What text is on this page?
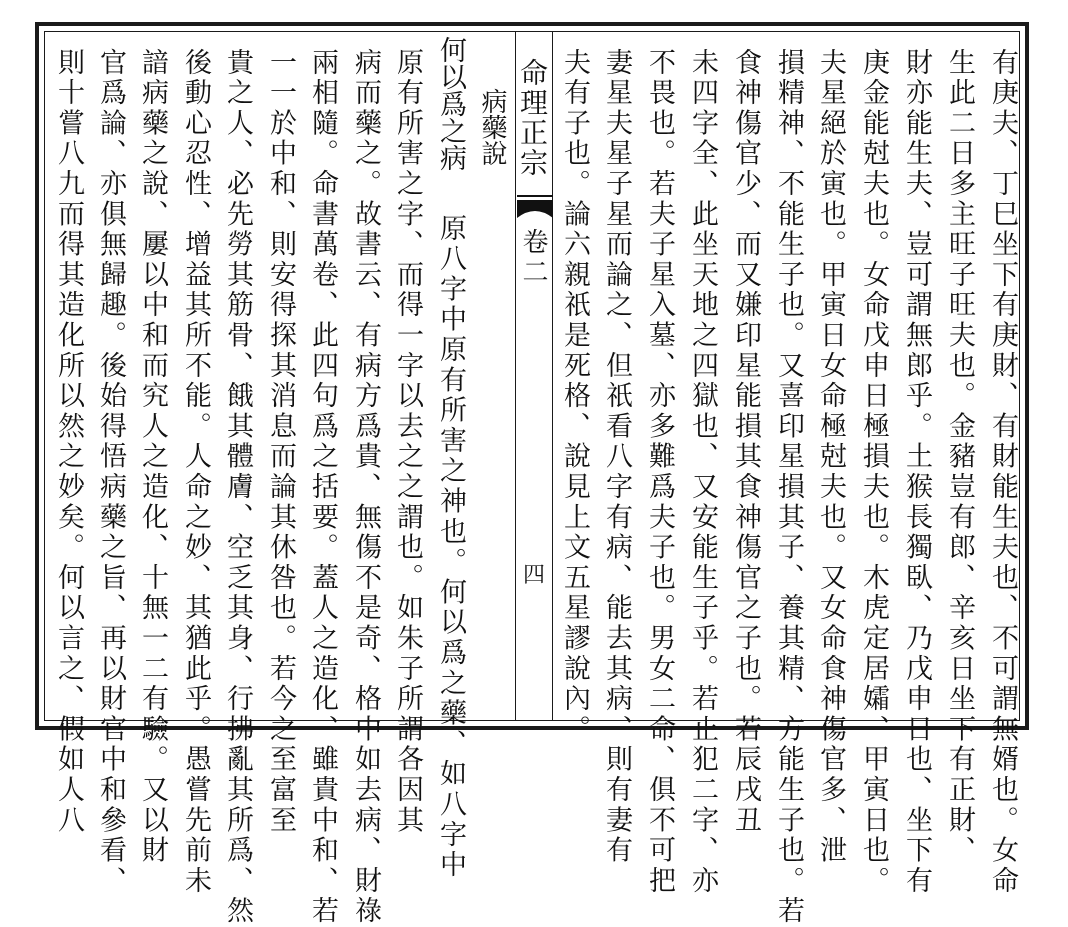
命理正宗
卷二
四	有庚夫、丁巳坐下有庚財、有財能生夫也、不可謂無婿也。女命
生此二日多主旺子旺夫也。金豬豈有郎、辛亥日坐下有正財、
財亦能生夫、豈可謂無郎乎。土猴長獨臥、乃戊申日也、坐下有
庚金能尅夫也。女命戊申日極損夫也。木虎定居孀、甲寅日也。
夫星絕於寅也。甲寅日女命極尅夫也。又女命食神傷官多、泄
損精神、不能生子也。又喜印星損其子、養其精、方能生子也。若
食神傷官少、而又嫌印星能損其食神傷官之子也。若辰戌丑
未四字全、此坐天地之四獄也、又安能生子乎。若止犯二字、亦
不畏也。若夫子星入墓、亦多難爲夫子也。男女二命、俱不可把
妻星夫星子星而論之、但祇看八字有病、能去其病、則有妻有
夫有子也。論六親祇是死格、說見上文五星謬說內。
病藥說
何以爲之病
原八字中原有所害之神也。何以爲之藥、如八字中
原有所害之字、而得一字以去之之謂也。如朱子所謂各因其
病而藥之。故書云、有病方爲貴、無傷不是奇、格中如去病、財祿
兩相隨。命書萬卷、此四句爲之括要。蓋人之造化、雖貴中和、若
一一於中和、則安得探其消息而論其休咎也。若今之至富至
貴之人、必先勞其筋骨、餓其體膚、空乏其身、行拂亂其所爲、然
後動心忍性、增益其所不能。人命之妙、其猶此乎。愚嘗先前未
諳病藥之說、屢以中和而究人之造化、十無一二有驗。又以財
官爲論、亦俱無歸趣。後始得悟病藥之旨、再以財官中和參看、
則十嘗八九而得其造化所以然之妙矣。何以言之、假如人八
